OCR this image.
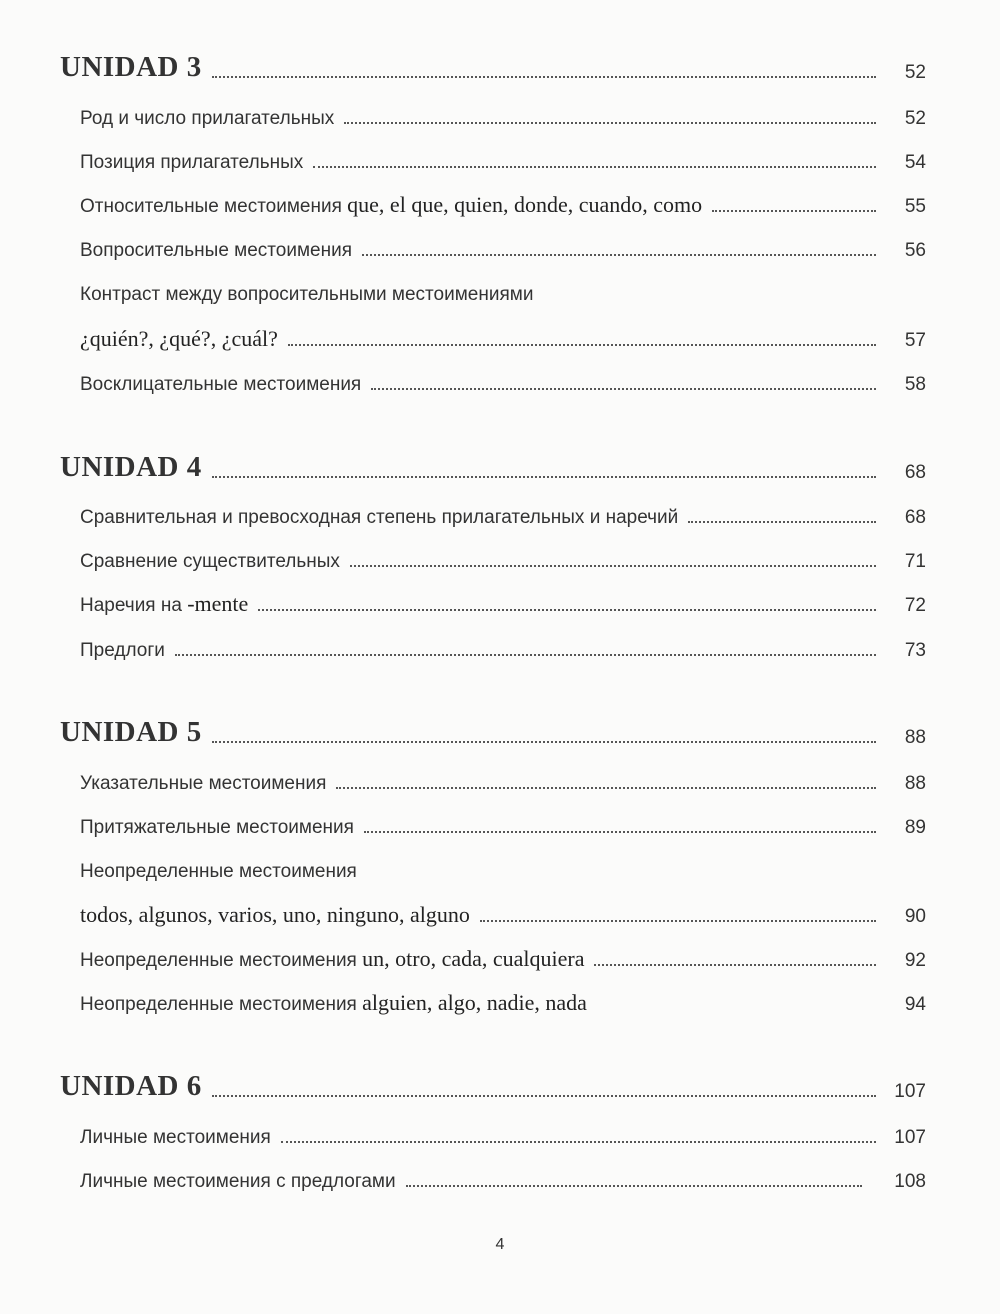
UNIDAD 3	52
Род и число прилагательных	52
Позиция прилагательных	54
Относительные местоимения que, el que, quien, donde, cuando, como	55
Вопросительные местоимения	56
Контраст между вопросительными местоимениями
¿quién?, ¿qué?, ¿cuál?	57
Восклицательные местоимения	58
UNIDAD 4	68
Сравнительная и превосходная степень прилагательных и наречий	68
Сравнение существительных	71
Наречия на -mente	72
Предлоги	73
UNIDAD 5	88
Указательные местоимения	88
Притяжательные местоимения	89
Неопределенные местоимения
todos, algunos, varios, uno, ninguno, alguno	90
Неопределенные местоимения un, otro, cada, cualquiera	92
Неопределенные местоимения alguien, algo, nadie, nada	94
UNIDAD 6	107
Личные местоимения	107
Личные местоимения с предлогами	108
4
